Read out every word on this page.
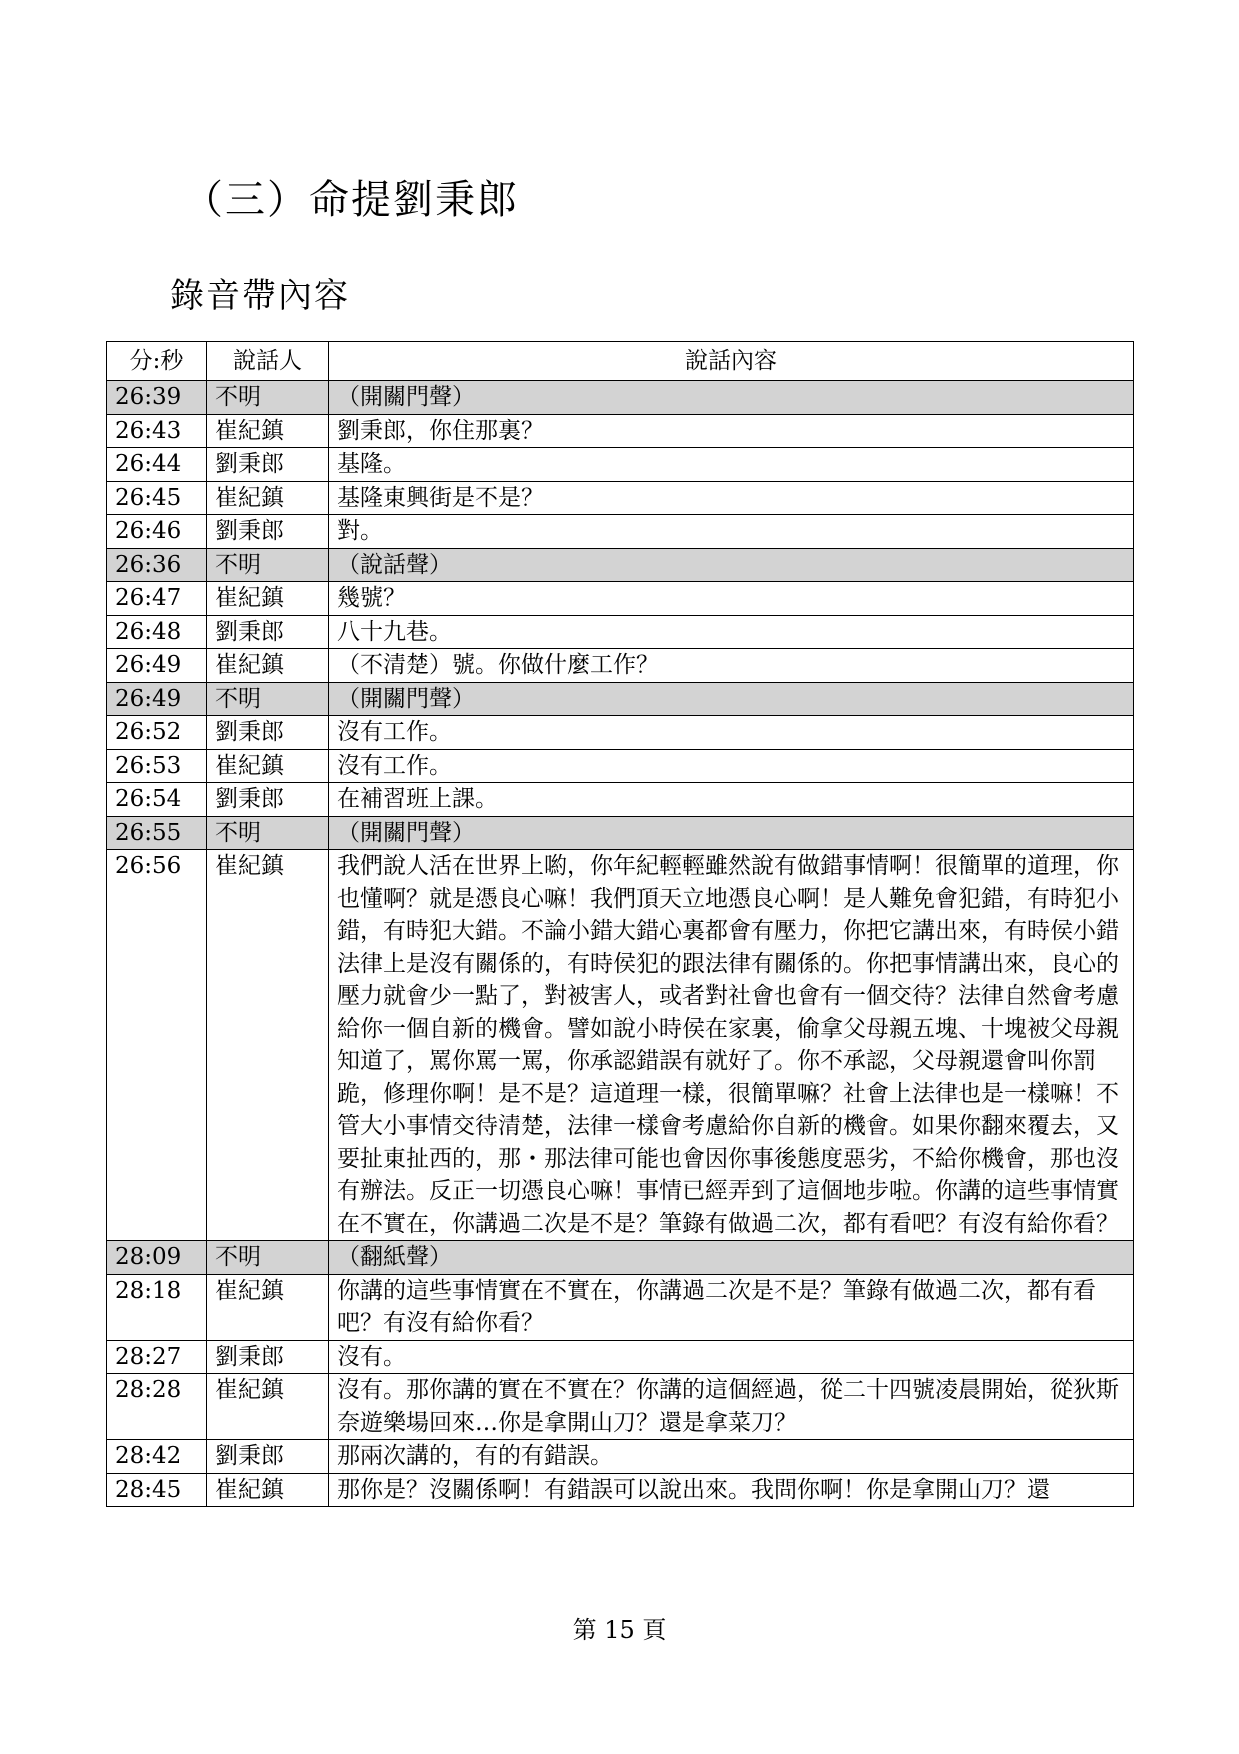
（三）命提劉秉郎
錄音帶內容
分:秒	說話人	說話內容
26:39	不明	（開關門聲）
26:43	崔紀鎮	劉秉郎，你住那裏？
26:44	劉秉郎	基隆。
26:45	崔紀鎮	基隆東興街是不是？
26:46	劉秉郎	對。
26:36	不明	（說話聲）
26:47	崔紀鎮	幾號？
26:48	劉秉郎	八十九巷。
26:49	崔紀鎮	（不清楚）號。你做什麼工作？
26:49	不明	（開關門聲）
26:52	劉秉郎	沒有工作。
26:53	崔紀鎮	沒有工作。
26:54	劉秉郎	在補習班上課。
26:55	不明	（開關門聲）
26:56	崔紀鎮	我們說人活在世界上喲，你年紀輕輕雖然說有做錯事情啊！很簡單的道理，你也懂啊？就是憑良心嘛！我們頂天立地憑良心啊！是人難免會犯錯，有時犯小錯，有時犯大錯。不論小錯大錯心裏都會有壓力，你把它講出來，有時侯小錯法律上是沒有關係的，有時侯犯的跟法律有關係的。你把事情講出來，良心的壓力就會少一點了，對被害人，或者對社會也會有一個交待？法律自然會考慮給你一個自新的機會。譬如說小時侯在家裏，偷拿父母親五塊、十塊被父母親知道了，罵你罵一罵，你承認錯誤有就好了。你不承認，父母親還會叫你罰跪，修理你啊！是不是？這道理一樣，很簡單嘛？社會上法律也是一樣嘛！不管大小事情交待清楚，法律一樣會考慮給你自新的機會。如果你翻來覆去，又要扯東扯西的，那・那法律可能也會因你事後態度惡劣，不給你機會，那也沒有辦法。反正一切憑良心嘛！事情已經弄到了這個地步啦。你講的這些事情實在不實在，你講過二次是不是？筆錄有做過二次，都有看吧？有沒有給你看？
28:09	不明	（翻紙聲）
28:18	崔紀鎮	你講的這些事情實在不實在，你講過二次是不是？筆錄有做過二次，都有看吧？有沒有給你看？
28:27	劉秉郎	沒有。
28:28	崔紀鎮	沒有。那你講的實在不實在？你講的這個經過，從二十四號凌晨開始，從狄斯奈遊樂場回來…你是拿開山刀？還是拿菜刀？
28:42	劉秉郎	那兩次講的，有的有錯誤。
28:45	崔紀鎮	那你是？沒關係啊！有錯誤可以說出來。我問你啊！你是拿開山刀？還
第 15 頁
